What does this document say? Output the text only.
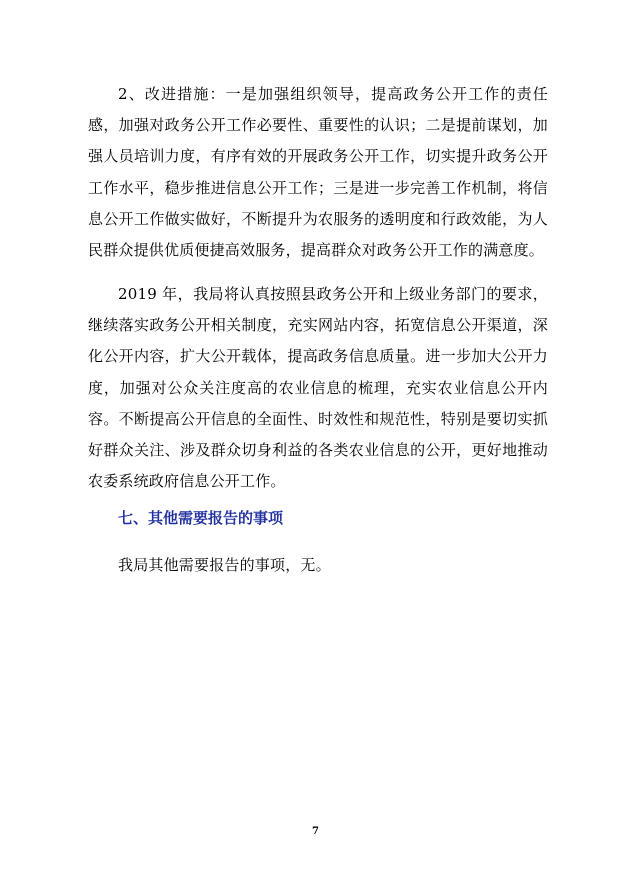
2、改进措施：一是加强组织领导，提高政务公开工作的责任感，加强对政务公开工作必要性、重要性的认识；二是提前谋划，加强人员培训力度，有序有效的开展政务公开工作，切实提升政务公开工作水平，稳步推进信息公开工作；三是进一步完善工作机制，将信息公开工作做实做好，不断提升为农服务的透明度和行政效能，为人民群众提供优质便捷高效服务，提高群众对政务公开工作的满意度。

2019 年，我局将认真按照县政务公开和上级业务部门的要求，继续落实政务公开相关制度，充实网站内容，拓宽信息公开渠道，深化公开内容，扩大公开载体，提高政务信息质量。进一步加大公开力度，加强对公众关注度高的农业信息的梳理，充实农业信息公开内容。不断提高公开信息的全面性、时效性和规范性，特别是要切实抓好群众关注、涉及群众切身利益的各类农业信息的公开，更好地推动农委系统政府信息公开工作。

七、其他需要报告的事项

我局其他需要报告的事项，无。

7
